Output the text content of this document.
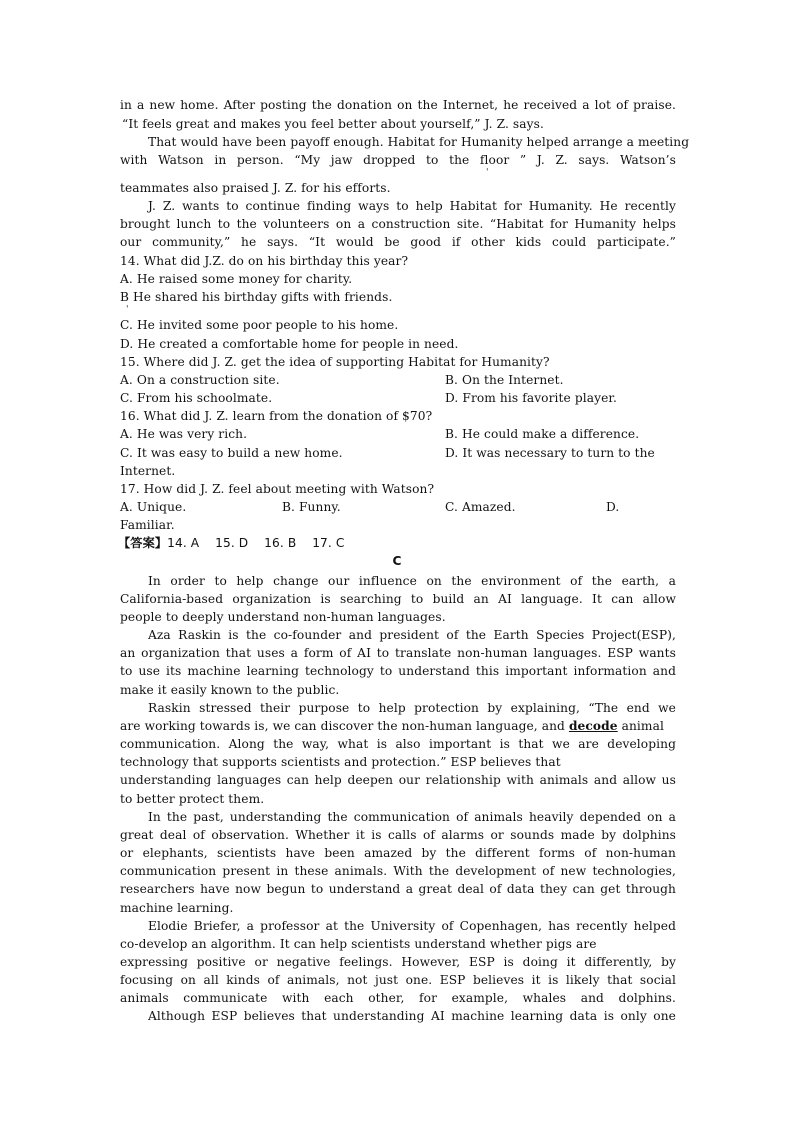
in a new home. After posting the donation on the Internet, he received a lot of praise.
“It feels great and makes you feel better about yourself,” J. Z. says.
That would have been payoff enough. Habitat for Humanity helped arrange a meeting
with Watson in person. “My jaw dropped to the floor ” J. Z. says. Watson’s
'
teammates also praised J. Z. for his efforts.
J. Z. wants to continue finding ways to help Habitat for Humanity. He recently
brought lunch to the volunteers on a construction site. “Habitat for Humanity helps
our community,” he says. “It would be good if other kids could participate.”
14. What did J.Z. do on his birthday this year?
A. He raised some money for charity.
B He shared his birthday gifts with friends.
'
C. He invited some poor people to his home.
D. He created a comfortable home for people in need.
15. Where did J. Z. get the idea of supporting Habitat for Humanity?
A. On a construction site.	B. On the Internet.
C. From his schoolmate.	D. From his favorite player.
16. What did J. Z. learn from the donation of $70?
A. He was very rich.	B. He could make a difference.
C. It was easy to build a new home.	D. It was necessary to turn to the
Internet.
17. How did J. Z. feel about meeting with Watson?
A. Unique.	B. Funny.	C. Amazed.	D.
Familiar.
【答案】14. A    15. D    16. B    17. C
C
In order to help change our influence on the environment of the earth, a
California-based organization is searching to build an AI language. It can allow
people to deeply understand non-human languages.
Aza Raskin is the co-founder and president of the Earth Species Project(ESP),
an organization that uses a form of AI to translate non-human languages. ESP wants
to use its machine learning technology to understand this important information and
make it easily known to the public.
Raskin stressed their purpose to help protection by explaining, “The end we
are working towards is, we can discover the non-human language, and decode animal
communication. Along the way, what is also important is that we are developing
technology that supports scientists and protection.” ESP believes that
understanding languages can help deepen our relationship with animals and allow us
to better protect them.
In the past, understanding the communication of animals heavily depended on a
great deal of observation. Whether it is calls of alarms or sounds made by dolphins
or elephants, scientists have been amazed by the different forms of non-human
communication present in these animals. With the development of new technologies,
researchers have now begun to understand a great deal of data they can get through
machine learning.
Elodie Briefer, a professor at the University of Copenhagen, has recently helped
co-develop an algorithm. It can help scientists understand whether pigs are
expressing positive or negative feelings. However, ESP is doing it differently, by
focusing on all kinds of animals, not just one. ESP believes it is likely that social
animals communicate with each other, for example, whales and dolphins.
Although ESP believes that understanding AI machine learning data is only one
